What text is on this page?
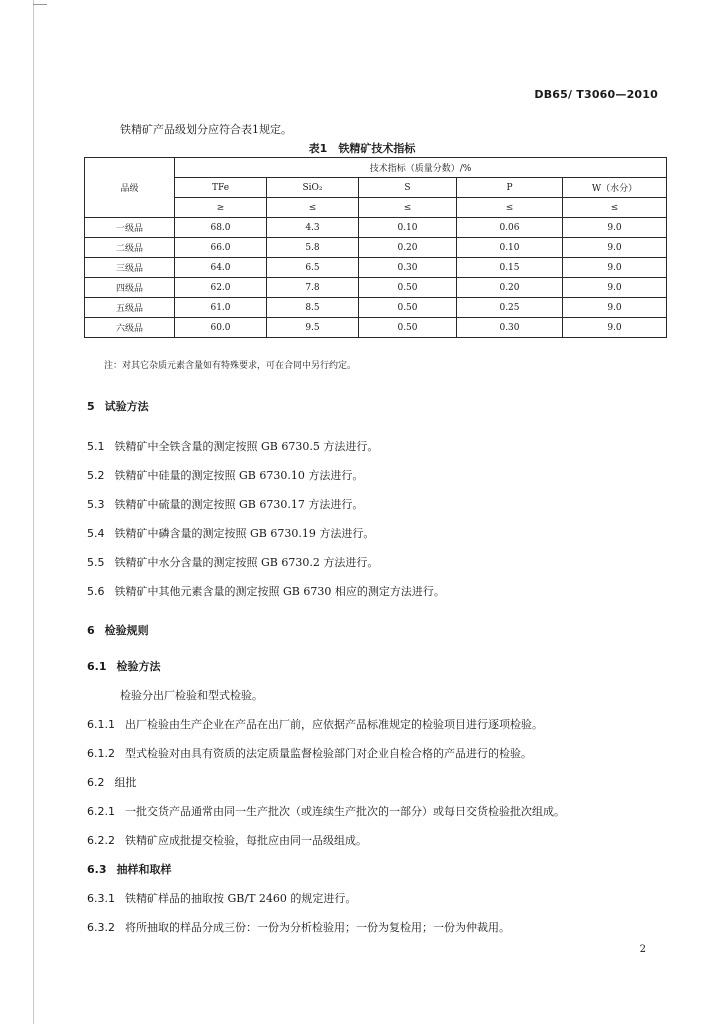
DB65/ T3060—2010
铁精矿产品级划分应符合表1规定。
表1　铁精矿技术指标
品级	技术指标（质量分数）/%				
	TFe	SiO₂	S	P	W（水分）
	≥	≤	≤	≤	≤
一级品	68.0	4.3	0.10	0.06	9.0
二级品	66.0	5.8	0.20	0.10	9.0
三级品	64.0	6.5	0.30	0.15	9.0
四级品	62.0	7.8	0.50	0.20	9.0
五级品	61.0	8.5	0.50	0.25	9.0
六级品	60.0	9.5	0.50	0.30	9.0
注：对其它杂质元素含量如有特殊要求，可在合同中另行约定。
5 试验方法
5.1 铁精矿中全铁含量的测定按照 GB 6730.5 方法进行。
5.2 铁精矿中硅量的测定按照 GB 6730.10 方法进行。
5.3 铁精矿中硫量的测定按照 GB 6730.17 方法进行。
5.4 铁精矿中磷含量的测定按照 GB 6730.19 方法进行。
5.5 铁精矿中水分含量的测定按照 GB 6730.2 方法进行。
5.6 铁精矿中其他元素含量的测定按照 GB 6730 相应的测定方法进行。
6 检验规则
6.1 检验方法
检验分出厂检验和型式检验。
6.1.1 出厂检验由生产企业在产品在出厂前，应依据产品标准规定的检验项目进行逐项检验。
6.1.2 型式检验对由具有资质的法定质量监督检验部门对企业自检合格的产品进行的检验。
6.2 组批
6.2.1 一批交货产品通常由同一生产批次（或连续生产批次的一部分）或每日交货检验批次组成。
6.2.2 铁精矿应成批提交检验，每批应由同一品级组成。
6.3 抽样和取样
6.3.1 铁精矿样品的抽取按 GB/T 2460 的规定进行。
6.3.2 将所抽取的样品分成三份：一份为分析检验用；一份为复检用；一份为仲裁用。
2
